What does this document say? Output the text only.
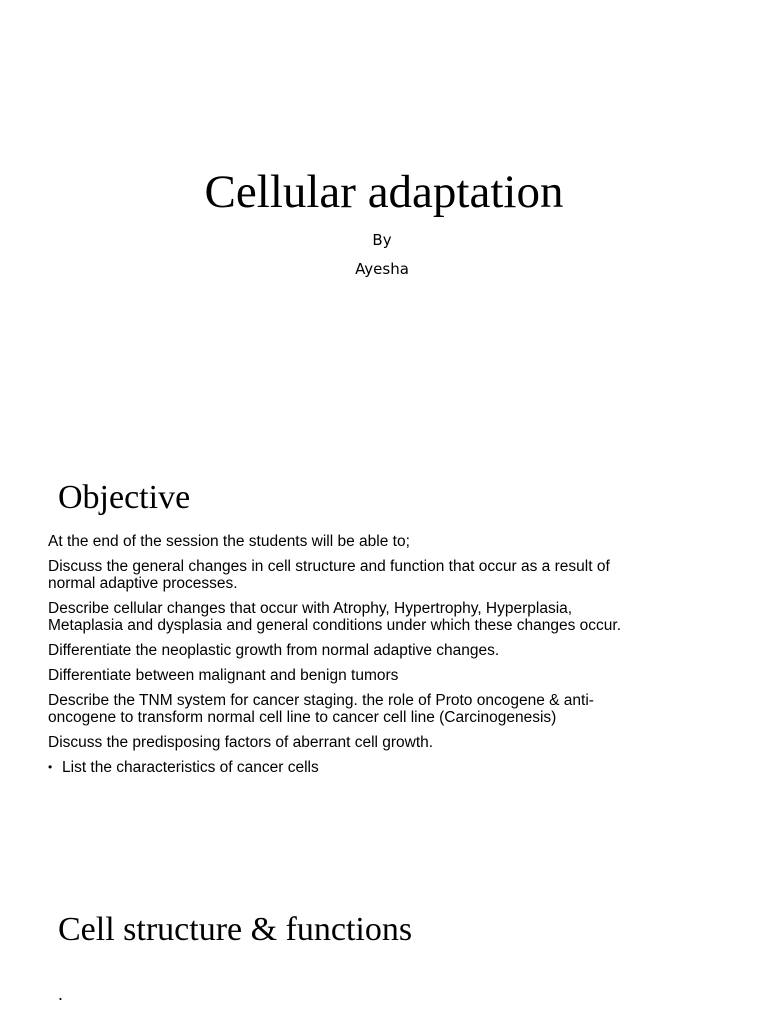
Cellular adaptation
By
Ayesha
Objective
At the end of the session the students will be able to;
Discuss the general changes in cell structure and function that occur as a result of normal adaptive processes.
Describe cellular changes that occur with Atrophy, Hypertrophy, Hyperplasia, Metaplasia and dysplasia and general conditions under which these changes occur.
Differentiate the neoplastic growth from normal adaptive changes.
Differentiate between malignant and benign tumors
Describe the TNM system for cancer staging. the role of Proto oncogene & anti-oncogene to transform normal cell line to cancer cell line (Carcinogenesis)
Discuss the predisposing factors of aberrant cell growth.
• List the characteristics of cancer cells
Cell structure & functions
.
